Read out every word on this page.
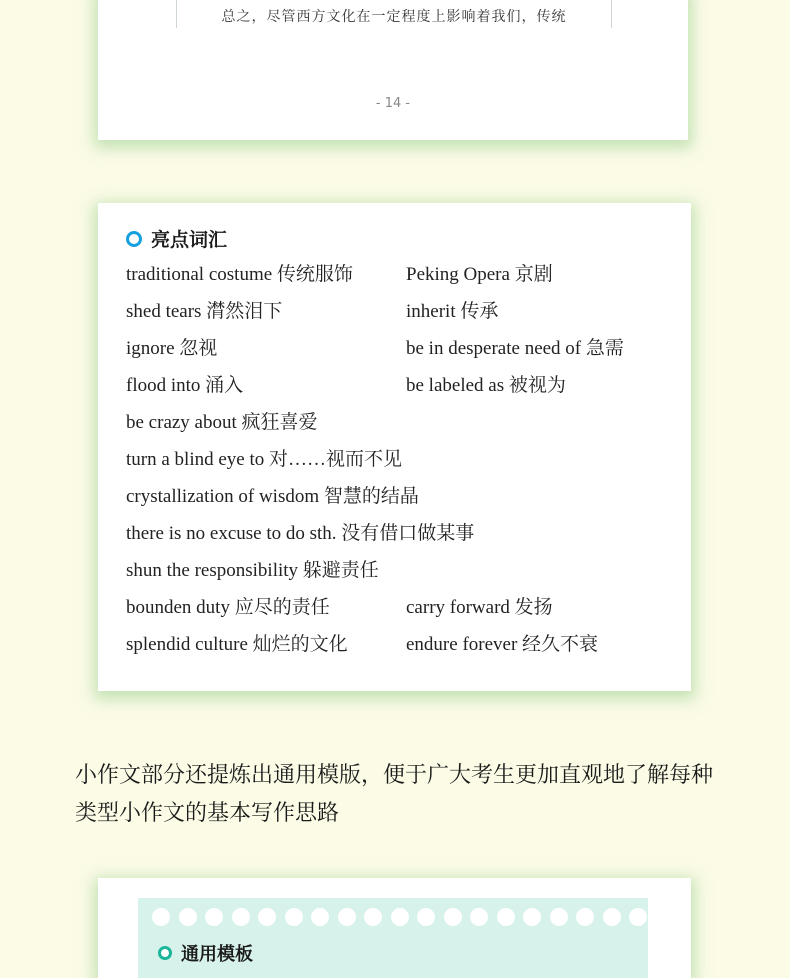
总之，尽管西方文化在一定程度上影响着我们，传统
- 14 -
亮点词汇
traditional costume 传统服饰	Peking Opera 京剧
shed tears 潸然泪下	inherit 传承
ignore 忽视	be in desperate need of 急需
flood into 涌入	be labeled as 被视为
be crazy about 疯狂喜爱
turn a blind eye to 对……视而不见
crystallization of wisdom 智慧的结晶
there is no excuse to do sth. 没有借口做某事
shun the responsibility 躲避责任
bounden duty 应尽的责任	carry forward 发扬
splendid culture 灿烂的文化	endure forever 经久不衰
小作文部分还提炼出通用模版，便于广大考生更加直观地了解每种类型小作文的基本写作思路
通用模板
